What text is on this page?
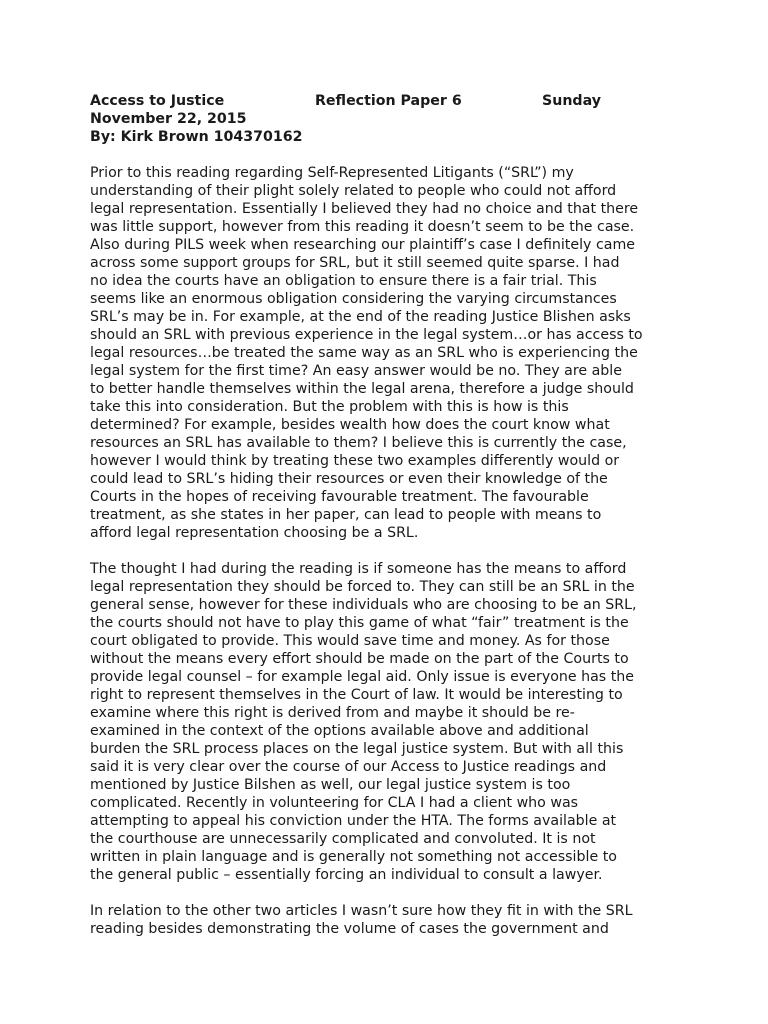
Access to Justice	Reflection Paper 6	Sunday
November 22, 2015
By: Kirk Brown 104370162
Prior to this reading regarding Self-Represented Litigants (“SRL”) my
understanding of their plight solely related to people who could not afford
legal representation. Essentially I believed they had no choice and that there
was little support, however from this reading it doesn’t seem to be the case.
Also during PILS week when researching our plaintiff’s case I definitely came
across some support groups for SRL, but it still seemed quite sparse. I had
no idea the courts have an obligation to ensure there is a fair trial. This
seems like an enormous obligation considering the varying circumstances
SRL’s may be in. For example, at the end of the reading Justice Blishen asks
should an SRL with previous experience in the legal system…or has access to
legal resources…be treated the same way as an SRL who is experiencing the
legal system for the first time? An easy answer would be no. They are able
to better handle themselves within the legal arena, therefore a judge should
take this into consideration. But the problem with this is how is this
determined? For example, besides wealth how does the court know what
resources an SRL has available to them? I believe this is currently the case,
however I would think by treating these two examples differently would or
could lead to SRL’s hiding their resources or even their knowledge of the
Courts in the hopes of receiving favourable treatment. The favourable
treatment, as she states in her paper, can lead to people with means to
afford legal representation choosing be a SRL.
The thought I had during the reading is if someone has the means to afford
legal representation they should be forced to. They can still be an SRL in the
general sense, however for these individuals who are choosing to be an SRL,
the courts should not have to play this game of what “fair” treatment is the
court obligated to provide. This would save time and money. As for those
without the means every effort should be made on the part of the Courts to
provide legal counsel – for example legal aid. Only issue is everyone has the
right to represent themselves in the Court of law. It would be interesting to
examine where this right is derived from and maybe it should be re-
examined in the context of the options available above and additional
burden the SRL process places on the legal justice system. But with all this
said it is very clear over the course of our Access to Justice readings and
mentioned by Justice Bilshen as well, our legal justice system is too
complicated. Recently in volunteering for CLA I had a client who was
attempting to appeal his conviction under the HTA. The forms available at
the courthouse are unnecessarily complicated and convoluted. It is not
written in plain language and is generally not something not accessible to
the general public – essentially forcing an individual to consult a lawyer.
In relation to the other two articles I wasn’t sure how they fit in with the SRL
reading besides demonstrating the volume of cases the government and
